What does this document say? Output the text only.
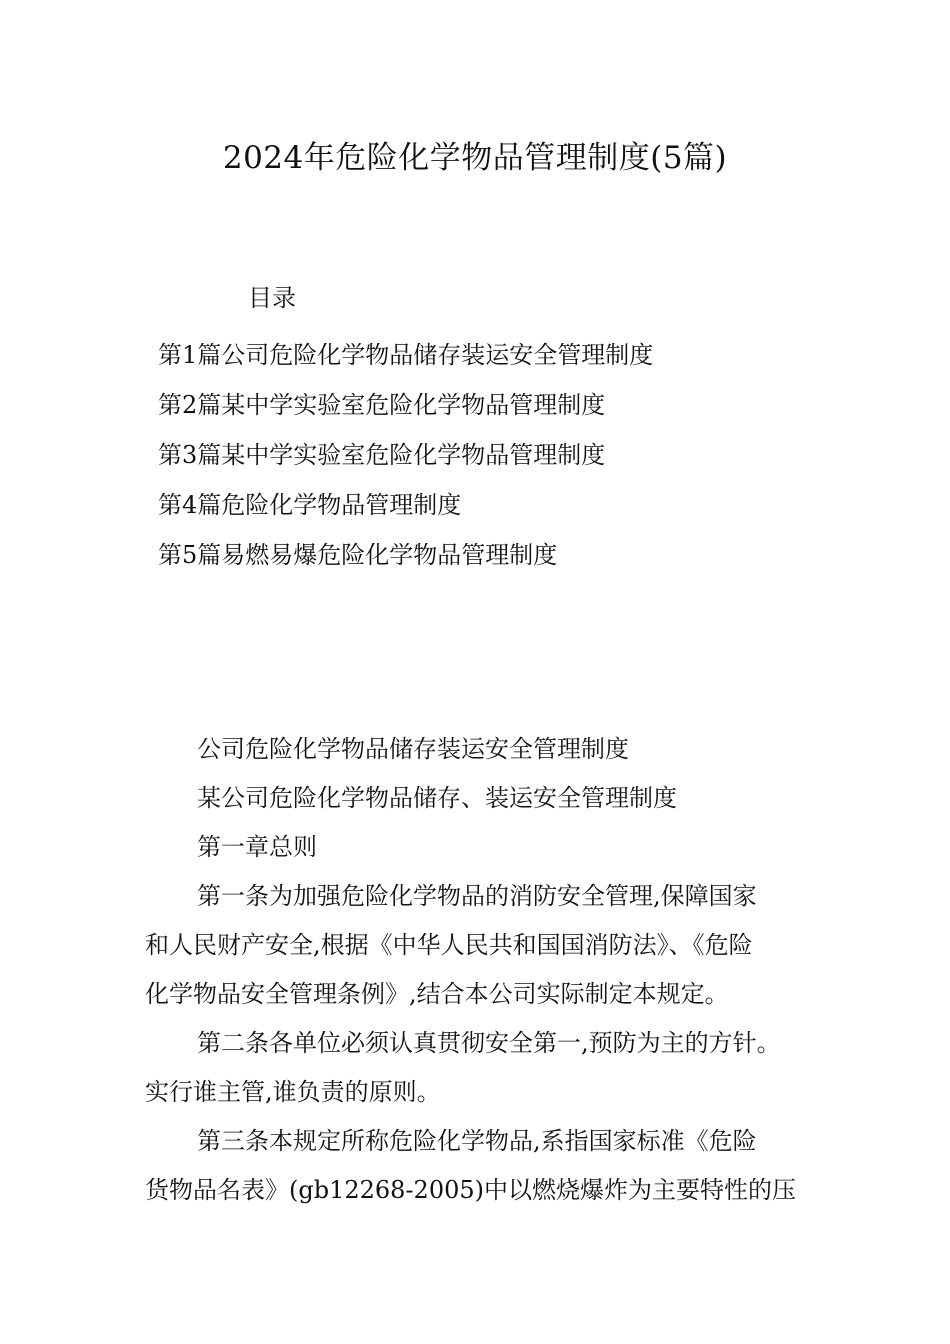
2024年危险化学物品管理制度(5篇)
目录
第1篇公司危险化学物品储存装运安全管理制度
第2篇某中学实验室危险化学物品管理制度
第3篇某中学实验室危险化学物品管理制度
第4篇危险化学物品管理制度
第5篇易燃易爆危险化学物品管理制度
公司危险化学物品储存装运安全管理制度
某公司危险化学物品储存、装运安全管理制度
第一章总则
第一条为加强危险化学物品的消防安全管理,保障国家
和人民财产安全,根据《中华人民共和国国消防法》、《危险
化学物品安全管理条例》,结合本公司实际制定本规定。
第二条各单位必须认真贯彻安全第一,预防为主的方针。
实行谁主管,谁负责的原则。
第三条本规定所称危险化学物品,系指国家标准《危险
货物品名表》(gb12268-2005)中以燃烧爆炸为主要特性的压
